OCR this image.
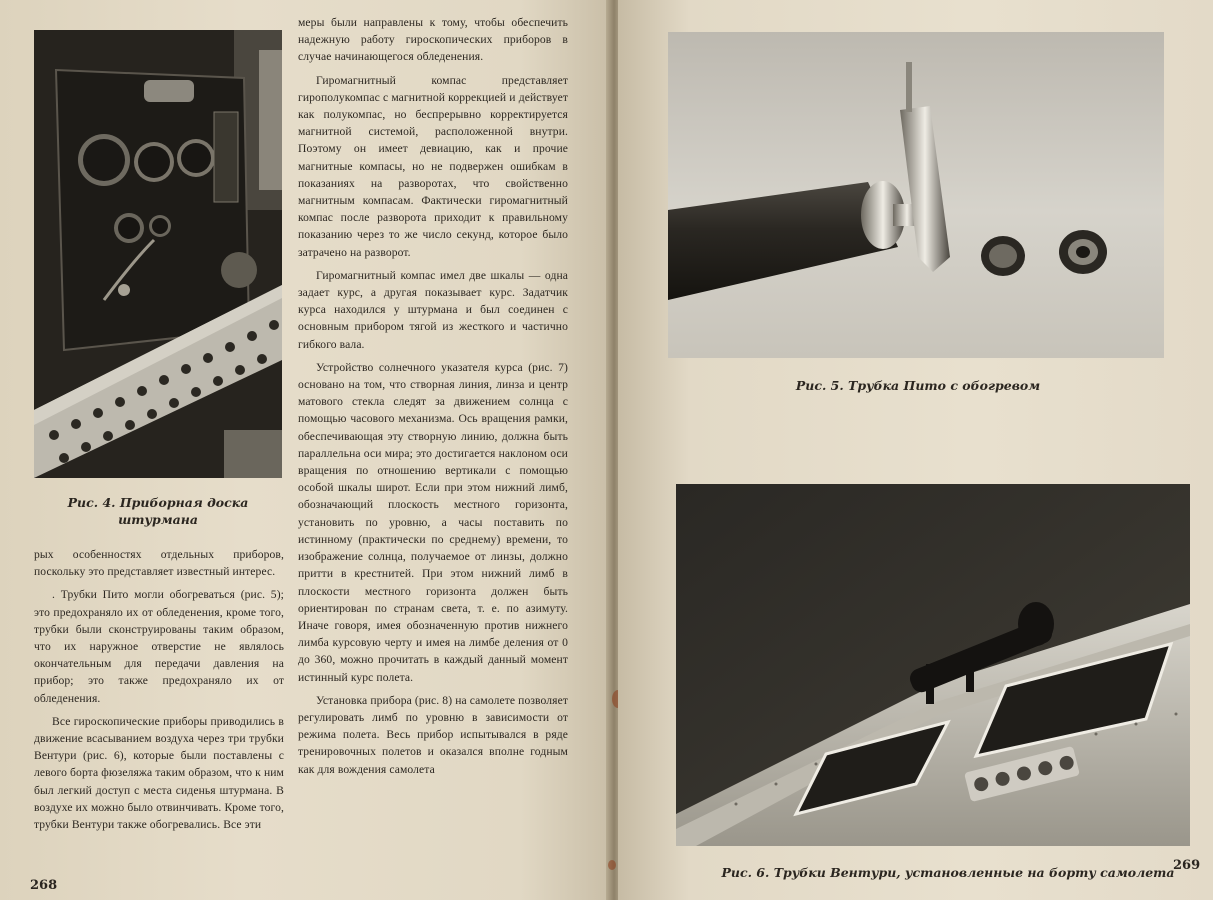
Рис. 4. Приборная доска
штурмана

рых особенностях отдельных приборов, поскольку это представляет известный интерес.

. Трубки Пито могли обогреваться (рис. 5); это предохраняло их от обледенения, кроме того, трубки были сконструированы таким образом, что их наружное отверстие не являлось окончательным для передачи давления на прибор; это также предохраняло их от обледенения.

Все гироскопические приборы приводились в движение всасыванием воздуха через три трубки Вентури (рис. 6), которые были поставлены с левого борта фюзеляжа таким образом, что к ним был легкий доступ с места сиденья штурмана. В воздухе их можно было отвинчивать. Кроме того, трубки Вентури также обогревались. Все эти

меры были направлены к тому, чтобы обеспечить надежную работу гироскопических приборов в случае начинающегося обледенения.

Гиромагнитный компас представляет гирополукомпас с магнитной коррекцией и действует как полукомпас, но беспрерывно корректируется магнитной системой, расположенной внутри. Поэтому он имеет девиацию, как и прочие магнитные компасы, но не подвержен ошибкам в показаниях на разворотах, что свойственно магнитным компасам. Фактически гиромагнитный компас после разворота приходит к правильному показанию через то же число секунд, которое было затрачено на разворот.

Гиромагнитный компас имел две шкалы — одна задает курс, а другая показывает курс. Задатчик курса находился у штурмана и был соединен с основным прибором тягой из жесткого и частично гибкого вала.

Устройство солнечного указателя курса (рис. 7) основано на том, что створная линия, линза и центр матового стекла следят за движением солнца с помощью часового механизма. Ось вращения рамки, обеспечивающая эту створную линию, должна быть параллельна оси мира; это достигается наклоном оси вращения по отношению вертикали с помощью особой шкалы широт. Если при этом нижний лимб, обозначающий плоскость местного горизонта, установить по уровню, а часы поставить по истинному (практически по среднему) времени, то изображение солнца, получаемое от линзы, должно притти в крестнитей. При этом нижний лимб в плоскости местного горизонта должен быть ориентирован по странам света, т. е. по азимуту. Иначе говоря, имея обозначенную против нижнего лимба курсовую черту и имея на лимбе деления от 0 до 360, можно прочитать в каждый данный момент истинный курс полета.

Установка прибора (рис. 8) на самолете позволяет регулировать лимб по уровню в зависимости от режима полета. Весь прибор испытывался в ряде тренировочных полетов и оказался вполне годным как для вождения самолета

268
Рис. 5. Трубка Пито с обогревом
Рис. 6. Трубки Вентури, установленные на борту самолета
269
